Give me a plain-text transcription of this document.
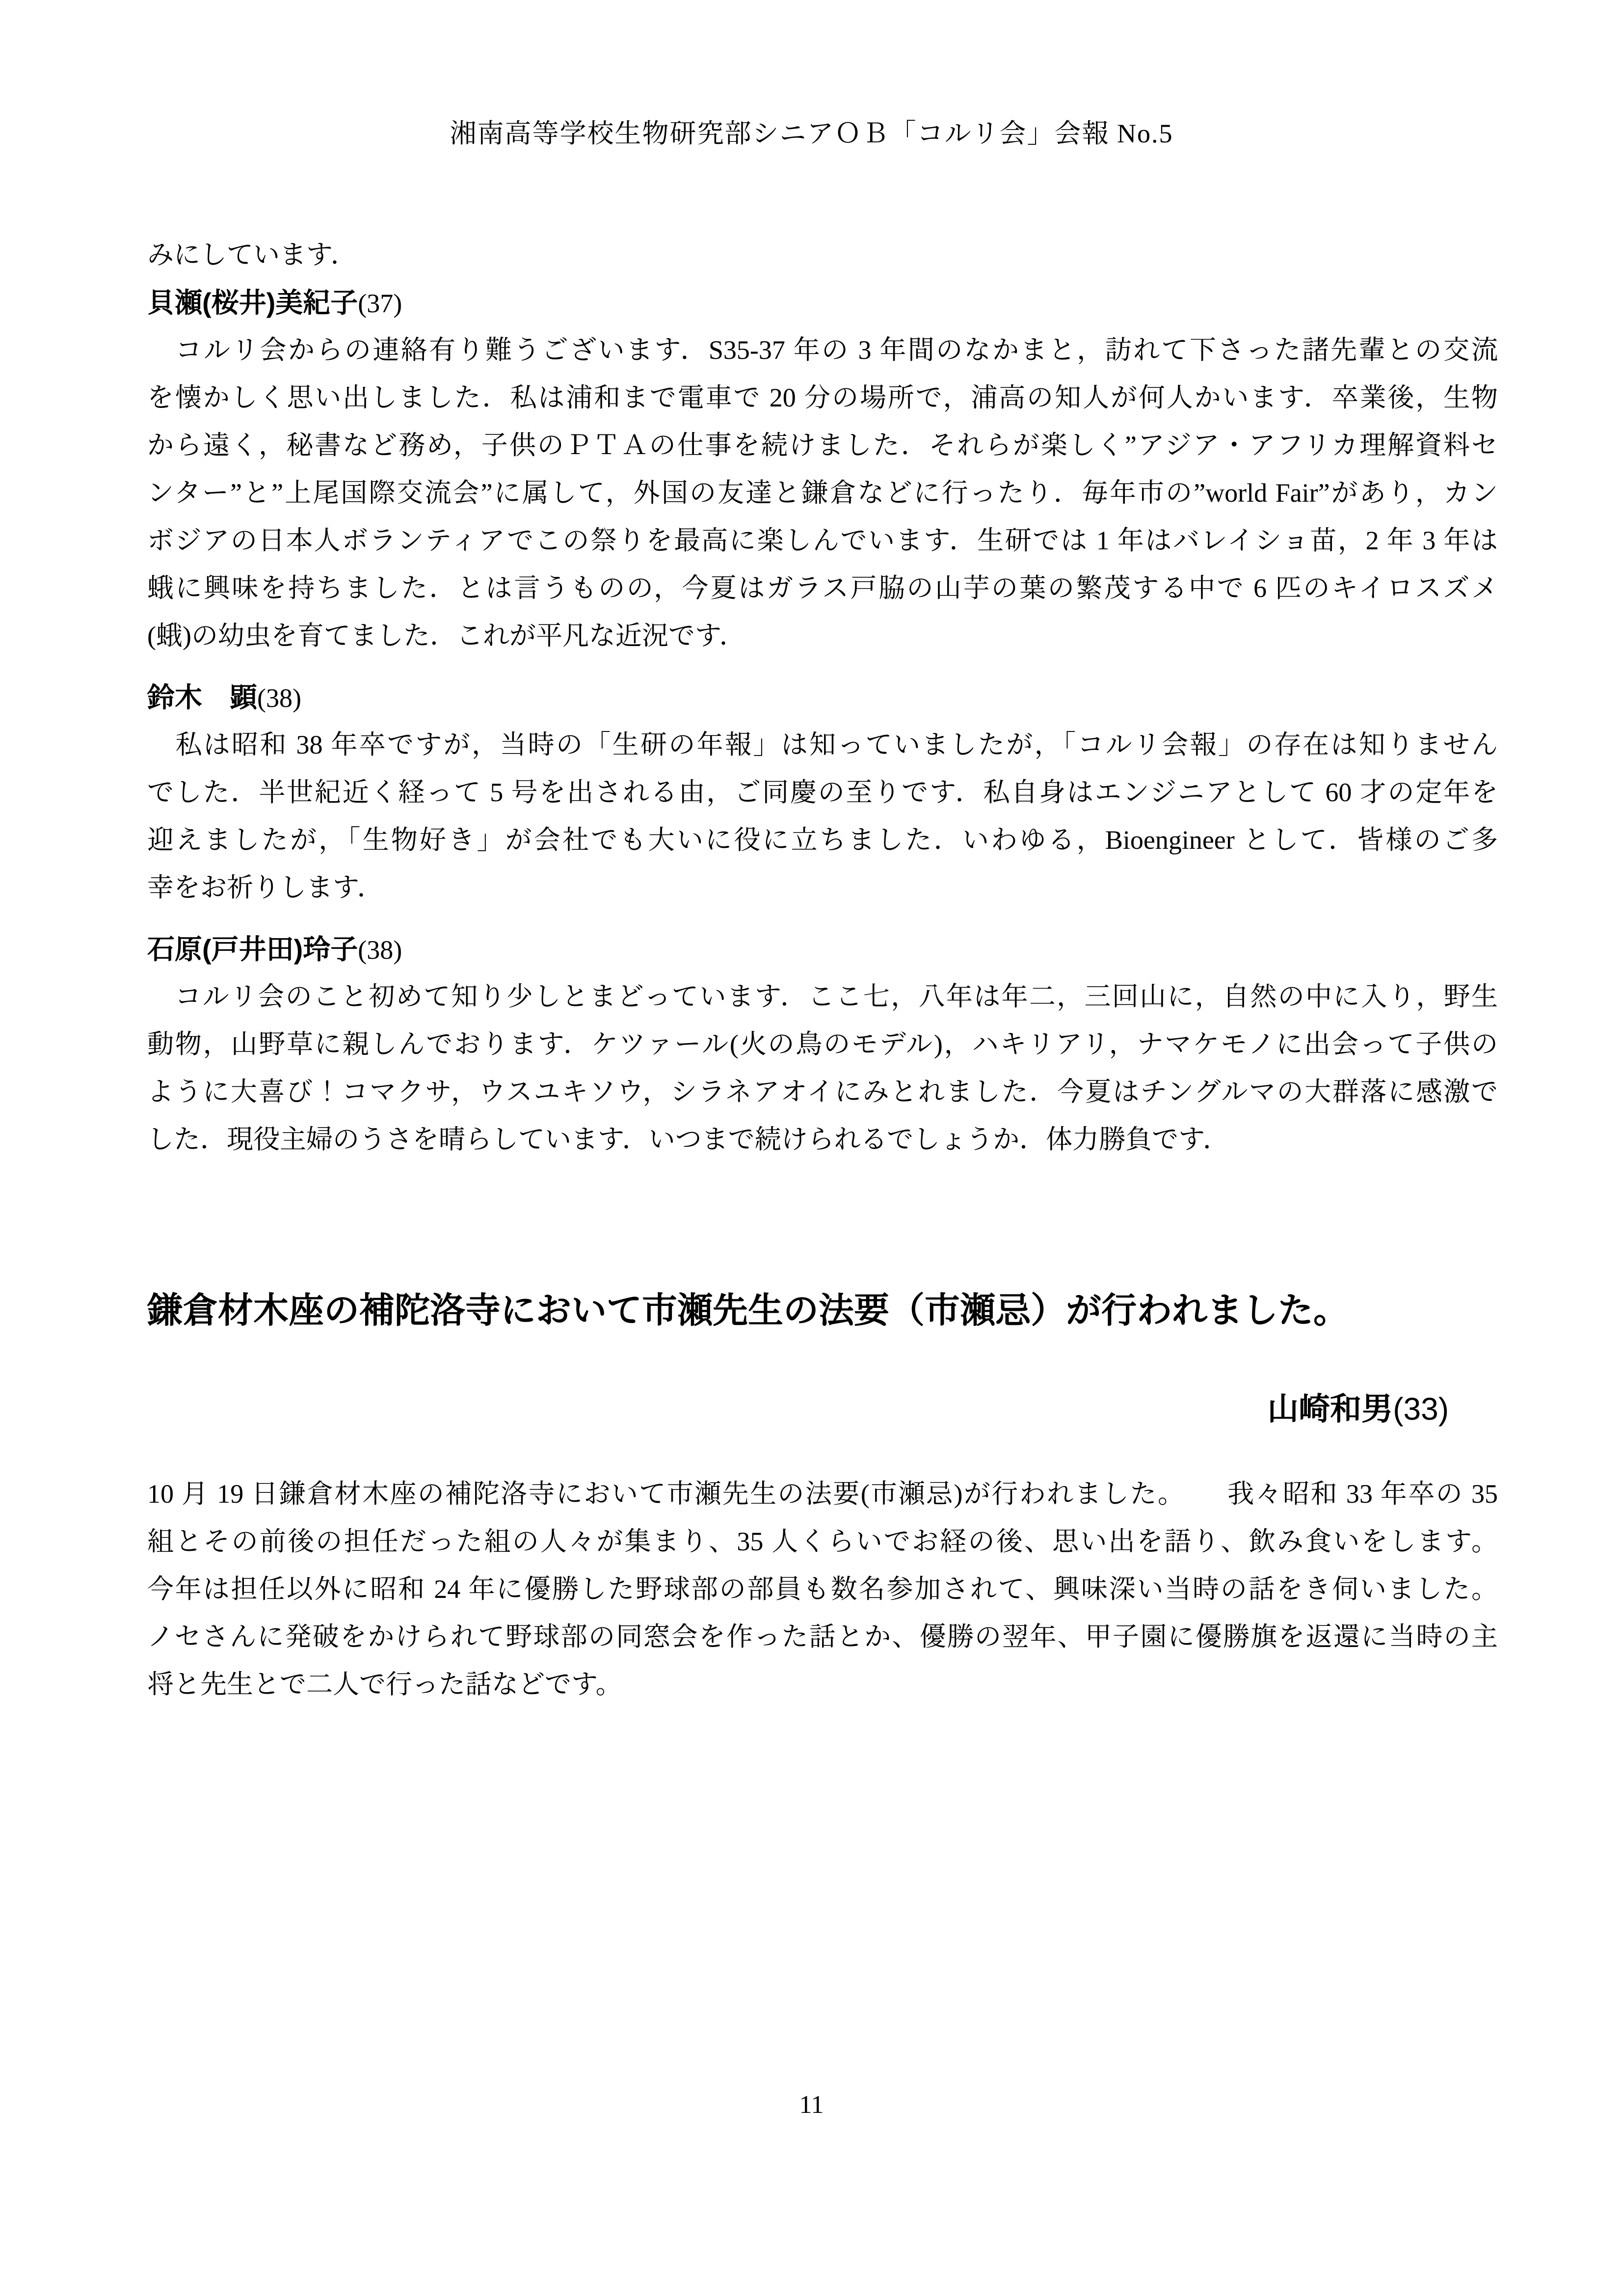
湘南高等学校生物研究部シニアＯＢ「コルリ会」会報 No.5
みにしています．
貝瀬(桜井)美紀子(37)
　コルリ会からの連絡有り難うございます．S35-37 年の 3 年間のなかまと，訪れて下さった諸先輩との交流
を懐かしく思い出しました．私は浦和まで電車で 20 分の場所で，浦高の知人が何人かいます．卒業後，生物
から遠く，秘書など務め，子供のＰＴＡの仕事を続けました．それらが楽しく”アジア・アフリカ理解資料セ
ンター”と”上尾国際交流会”に属して，外国の友達と鎌倉などに行ったり．毎年市の”world Fair”があり，カン
ボジアの日本人ボランティアでこの祭りを最高に楽しんでいます．生研では 1 年はバレイショ苗，2 年 3 年は
蛾に興味を持ちました．とは言うものの，今夏はガラス戸脇の山芋の葉の繁茂する中で 6 匹のキイロスズメ
(蛾)の幼虫を育てました．これが平凡な近況です．
鈴木　顕(38)
　私は昭和 38 年卒ですが，当時の「生研の年報」は知っていましたが，「コルリ会報」の存在は知りません
でした．半世紀近く経って 5 号を出される由，ご同慶の至りです．私自身はエンジニアとして 60 才の定年を
迎えましたが，「生物好き」が会社でも大いに役に立ちました．いわゆる，Bioengineer として．皆様のご多
幸をお祈りします．
石原(戸井田)玲子(38)
　コルリ会のこと初めて知り少しとまどっています．ここ七，八年は年二，三回山に，自然の中に入り，野生
動物，山野草に親しんでおります．ケツァール(火の鳥のモデル)，ハキリアリ，ナマケモノに出会って子供の
ように大喜び！コマクサ，ウスユキソウ，シラネアオイにみとれました．今夏はチングルマの大群落に感激で
した．現役主婦のうさを晴らしています．いつまで続けられるでしょうか．体力勝負です．
鎌倉材木座の補陀洛寺において市瀬先生の法要（市瀬忌）が行われました。
山崎和男(33)
10 月 19 日鎌倉材木座の補陀洛寺において市瀬先生の法要(市瀬忌)が行われました。　　我々昭和 33 年卒の 35
組とその前後の担任だった組の人々が集まり、35 人くらいでお経の後、思い出を語り、飲み食いをします。
今年は担任以外に昭和 24 年に優勝した野球部の部員も数名参加されて、興味深い当時の話をき伺いました。
ノセさんに発破をかけられて野球部の同窓会を作った話とか、優勝の翌年、甲子園に優勝旗を返還に当時の主
将と先生とで二人で行った話などです。
11
